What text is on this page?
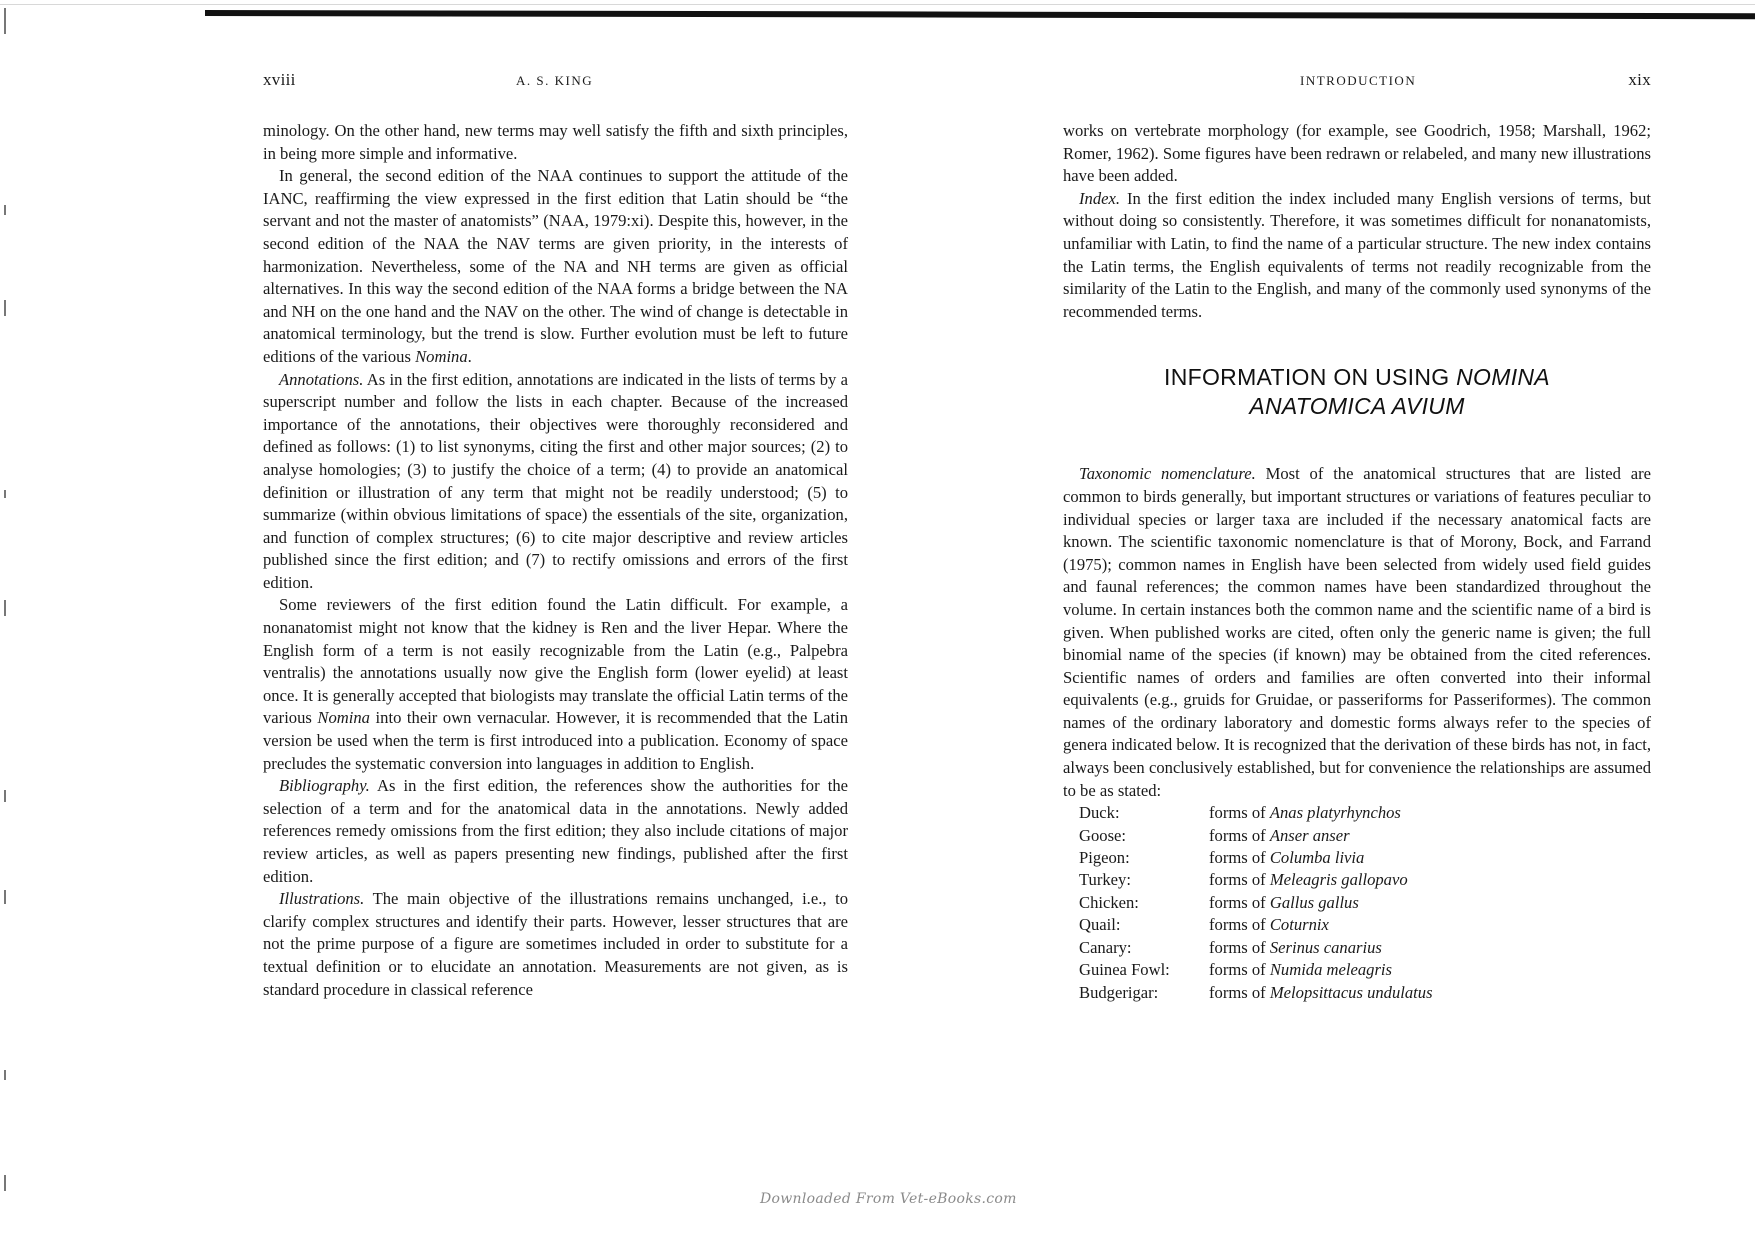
xviii	A. S. KING

minology. On the other hand, new terms may well satisfy the fifth and sixth principles, in being more simple and informative.

In general, the second edition of the NAA continues to support the attitude of the IANC, reaffirming the view expressed in the first edition that Latin should be “the servant and not the master of anatomists” (NAA, 1979:xi). Despite this, however, in the second edition of the NAA the NAV terms are given priority, in the interests of harmonization. Nevertheless, some of the NA and NH terms are given as official alternatives. In this way the second edition of the NAA forms a bridge between the NA and NH on the one hand and the NAV on the other. The wind of change is detectable in anatomical terminology, but the trend is slow. Further evolution must be left to future editions of the various Nomina.

Annotations. As in the first edition, annotations are indicated in the lists of terms by a superscript number and follow the lists in each chapter. Because of the increased importance of the annotations, their objectives were thoroughly reconsidered and defined as follows: (1) to list synonyms, citing the first and other major sources; (2) to analyse homologies; (3) to justify the choice of a term; (4) to provide an anatomical definition or illustration of any term that might not be readily understood; (5) to summarize (within obvious limitations of space) the essentials of the site, organization, and function of complex structures; (6) to cite major descriptive and review articles published since the first edition; and (7) to rectify omissions and errors of the first edition.

Some reviewers of the first edition found the Latin difficult. For example, a nonanatomist might not know that the kidney is Ren and the liver Hepar. Where the English form of a term is not easily recognizable from the Latin (e.g., Palpebra ventralis) the annotations usually now give the English form (lower eyelid) at least once. It is generally accepted that biologists may translate the official Latin terms of the various Nomina into their own vernacular. However, it is recommended that the Latin version be used when the term is first introduced into a publication. Economy of space precludes the systematic conversion into languages in addition to English.

Bibliography. As in the first edition, the references show the authorities for the selection of a term and for the anatomical data in the annotations. Newly added references remedy omissions from the first edition; they also include citations of major review articles, as well as papers presenting new findings, published after the first edition.

Illustrations. The main objective of the illustrations remains unchanged, i.e., to clarify complex structures and identify their parts. However, lesser structures that are not the prime purpose of a figure are sometimes included in order to substitute for a textual definition or to elucidate an annotation. Measurements are not given, as is standard procedure in classical reference

INTRODUCTION	xix

works on vertebrate morphology (for example, see Goodrich, 1958; Marshall, 1962; Romer, 1962). Some figures have been redrawn or relabeled, and many new illustrations have been added.

Index. In the first edition the index included many English versions of terms, but without doing so consistently. Therefore, it was sometimes difficult for nonanatomists, unfamiliar with Latin, to find the name of a particular structure. The new index contains the Latin terms, the English equivalents of terms not readily recognizable from the similarity of the Latin to the English, and many of the commonly used synonyms of the recommended terms.

INFORMATION ON USING NOMINA
ANATOMICA AVIUM

Taxonomic nomenclature. Most of the anatomical structures that are listed are common to birds generally, but important structures or variations of features peculiar to individual species or larger taxa are included if the necessary anatomical facts are known. The scientific taxonomic nomenclature is that of Morony, Bock, and Farrand (1975); common names in English have been selected from widely used field guides and faunal references; the common names have been standardized throughout the volume. In certain instances both the common name and the scientific name of a bird is given. When published works are cited, often only the generic name is given; the full binomial name of the species (if known) may be obtained from the cited references. Scientific names of orders and families are often converted into their informal equivalents (e.g., gruids for Gruidae, or passeriforms for Passeriformes). The common names of the ordinary laboratory and domestic forms always refer to the species of genera indicated below. It is recognized that the derivation of these birds has not, in fact, always been conclusively established, but for convenience the relationships are assumed to be as stated:

Duck:	forms of Anas platyrhynchos
Goose:	forms of Anser anser
Pigeon:	forms of Columba livia
Turkey:	forms of Meleagris gallopavo
Chicken:	forms of Gallus gallus
Quail:	forms of Coturnix
Canary:	forms of Serinus canarius
Guinea Fowl:	forms of Numida meleagris
Budgerigar:	forms of Melopsittacus undulatus
Downloaded From Vet-eBooks.com
